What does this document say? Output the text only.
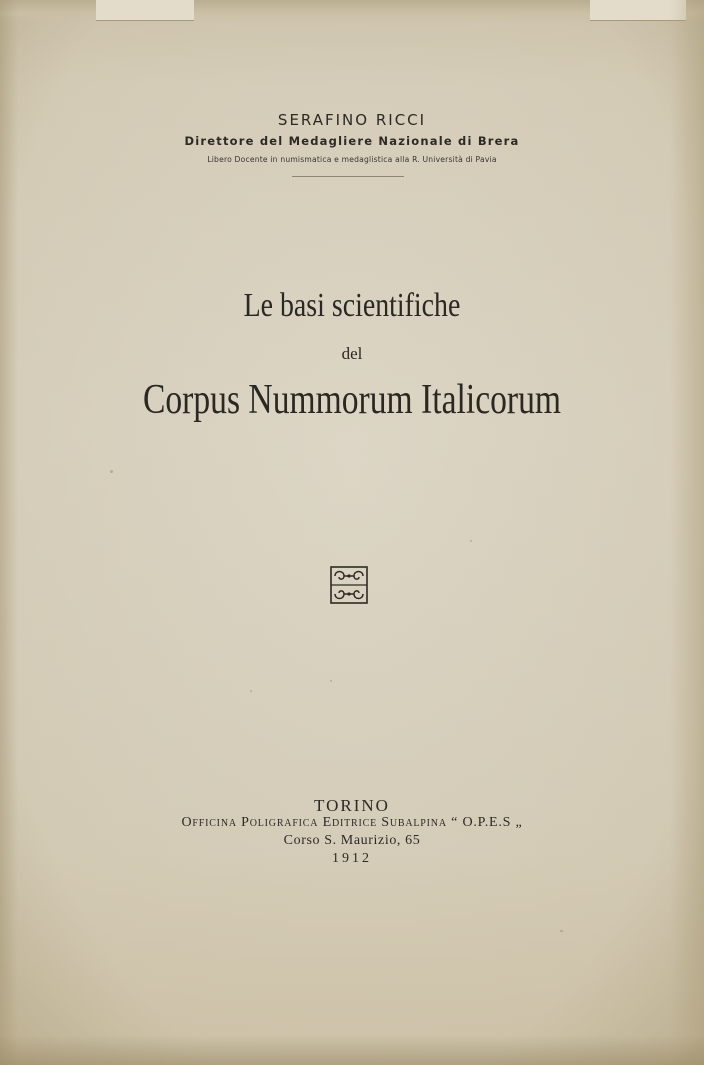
SERAFINO RICCI
Direttore del Medagliere Nazionale di Brera
Libero Docente in numismatica e medaglistica alla R. Università di Pavia
Le basi scientifiche
del
Corpus Nummorum Italicorum
TORINO
Officina Poligrafica Editrice Subalpina “ O.P.E.S „
Corso S. Maurizio, 65
1912
